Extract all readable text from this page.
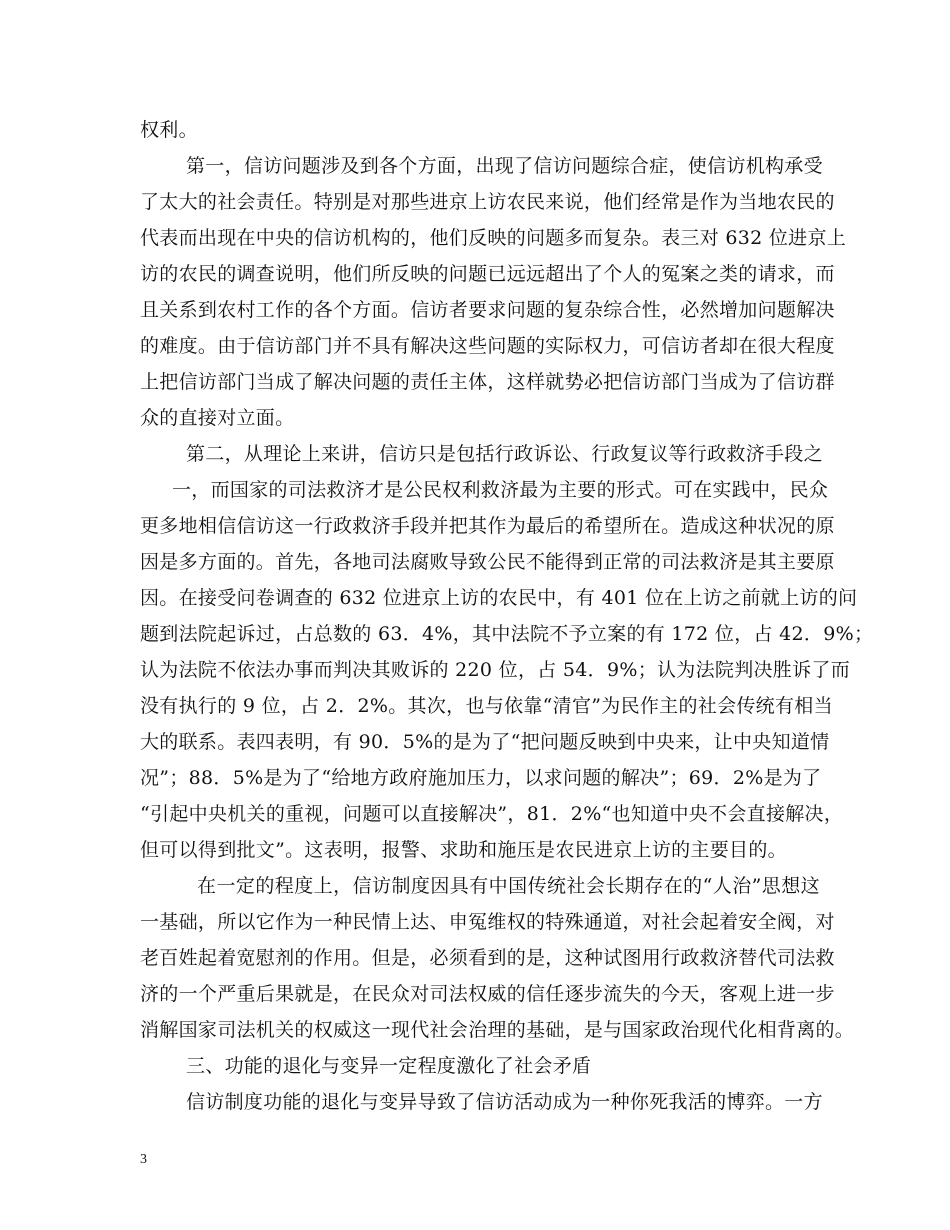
权利。
第一，信访问题涉及到各个方面，出现了信访问题综合症，使信访机构承受
了太大的社会责任。特别是对那些进京上访农民来说，他们经常是作为当地农民的
代表而出现在中央的信访机构的，他们反映的问题多而复杂。表三对 632 位进京上
访的农民的调查说明，他们所反映的问题已远远超出了个人的冤案之类的请求，而
且关系到农村工作的各个方面。信访者要求问题的复杂综合性，必然增加问题解决
的难度。由于信访部门并不具有解决这些问题的实际权力，可信访者却在很大程度
上把信访部门当成了解决问题的责任主体，这样就势必把信访部门当成为了信访群
众的直接对立面。
第二，从理论上来讲，信访只是包括行政诉讼、行政复议等行政救济手段之
一，而国家的司法救济才是公民权利救济最为主要的形式。可在实践中，民众
更多地相信信访这一行政救济手段并把其作为最后的希望所在。造成这种状况的原
因是多方面的。首先，各地司法腐败导致公民不能得到正常的司法救济是其主要原
因。在接受问卷调查的 632 位进京上访的农民中，有 401 位在上访之前就上访的问
题到法院起诉过，占总数的 63．4%，其中法院不予立案的有 172 位，占 42．9%；
认为法院不依法办事而判决其败诉的 220 位，占 54．9%；认为法院判决胜诉了而
没有执行的 9 位，占 2．2%。其次，也与依靠“清官”为民作主的社会传统有相当
大的联系。表四表明，有 90．5%的是为了“把问题反映到中央来，让中央知道情
况”；88．5%是为了“给地方政府施加压力，以求问题的解决”；69．2%是为了
“引起中央机关的重视，问题可以直接解决”，81．2%“也知道中央不会直接解决，
但可以得到批文”。这表明，报警、求助和施压是农民进京上访的主要目的。
在一定的程度上，信访制度因具有中国传统社会长期存在的“人治”思想这
一基础，所以它作为一种民情上达、申冤维权的特殊通道，对社会起着安全阀，对
老百姓起着宽慰剂的作用。但是，必须看到的是，这种试图用行政救济替代司法救
济的一个严重后果就是，在民众对司法权威的信任逐步流失的今天，客观上进一步
消解国家司法机关的权威这一现代社会治理的基础，是与国家政治现代化相背离的。
三、功能的退化与变异一定程度激化了社会矛盾
信访制度功能的退化与变异导致了信访活动成为一种你死我活的博弈。一方
3
